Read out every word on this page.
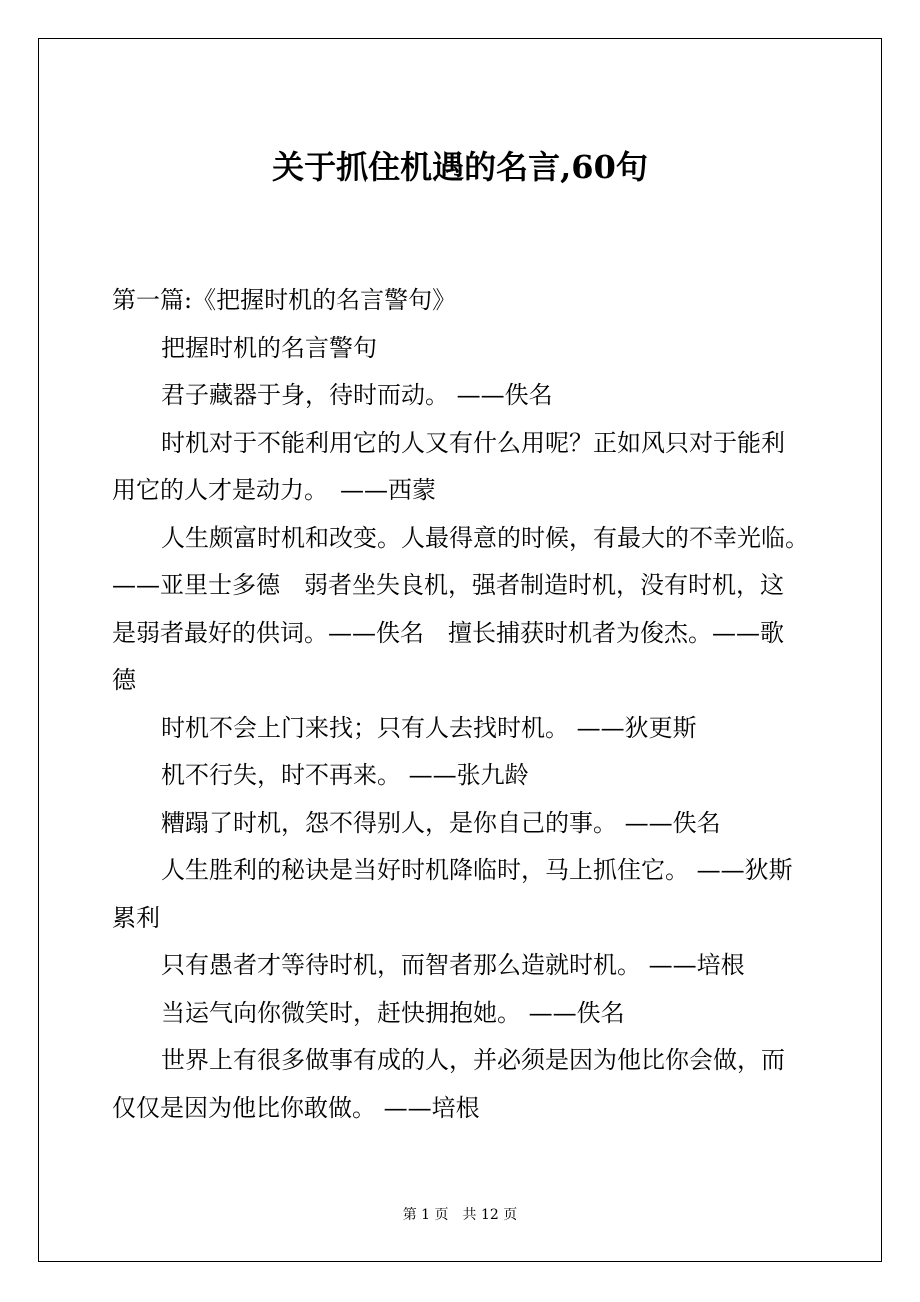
关于抓住机遇的名言,60句

第一篇:《把握时机的名言警句》

把握时机的名言警句

君子藏器于身，待时而动。 ——佚名

时机对于不能利用它的人又有什么用呢？正如风只对于能利

用它的人才是动力。　——西蒙

人生颇富时机和改变。人最得意的时候，有最大的不幸光临。

——亚里士多德　弱者坐失良机，强者制造时机，没有时机，这

是弱者最好的供词。——佚名　擅长捕获时机者为俊杰。——歌

德

时机不会上门来找；只有人去找时机。 ——狄更斯

机不行失，时不再来。 ——张九龄

糟蹋了时机，怨不得别人，是你自己的事。 ——佚名

人生胜利的秘诀是当好时机降临时，马上抓住它。 ——狄斯

累利

只有愚者才等待时机，而智者那么造就时机。 ——培根

当运气向你微笑时，赶快拥抱她。 ——佚名

世界上有很多做事有成的人，并必须是因为他比你会做，而

仅仅是因为他比你敢做。 ——培根

第 1 页　共 12 页
